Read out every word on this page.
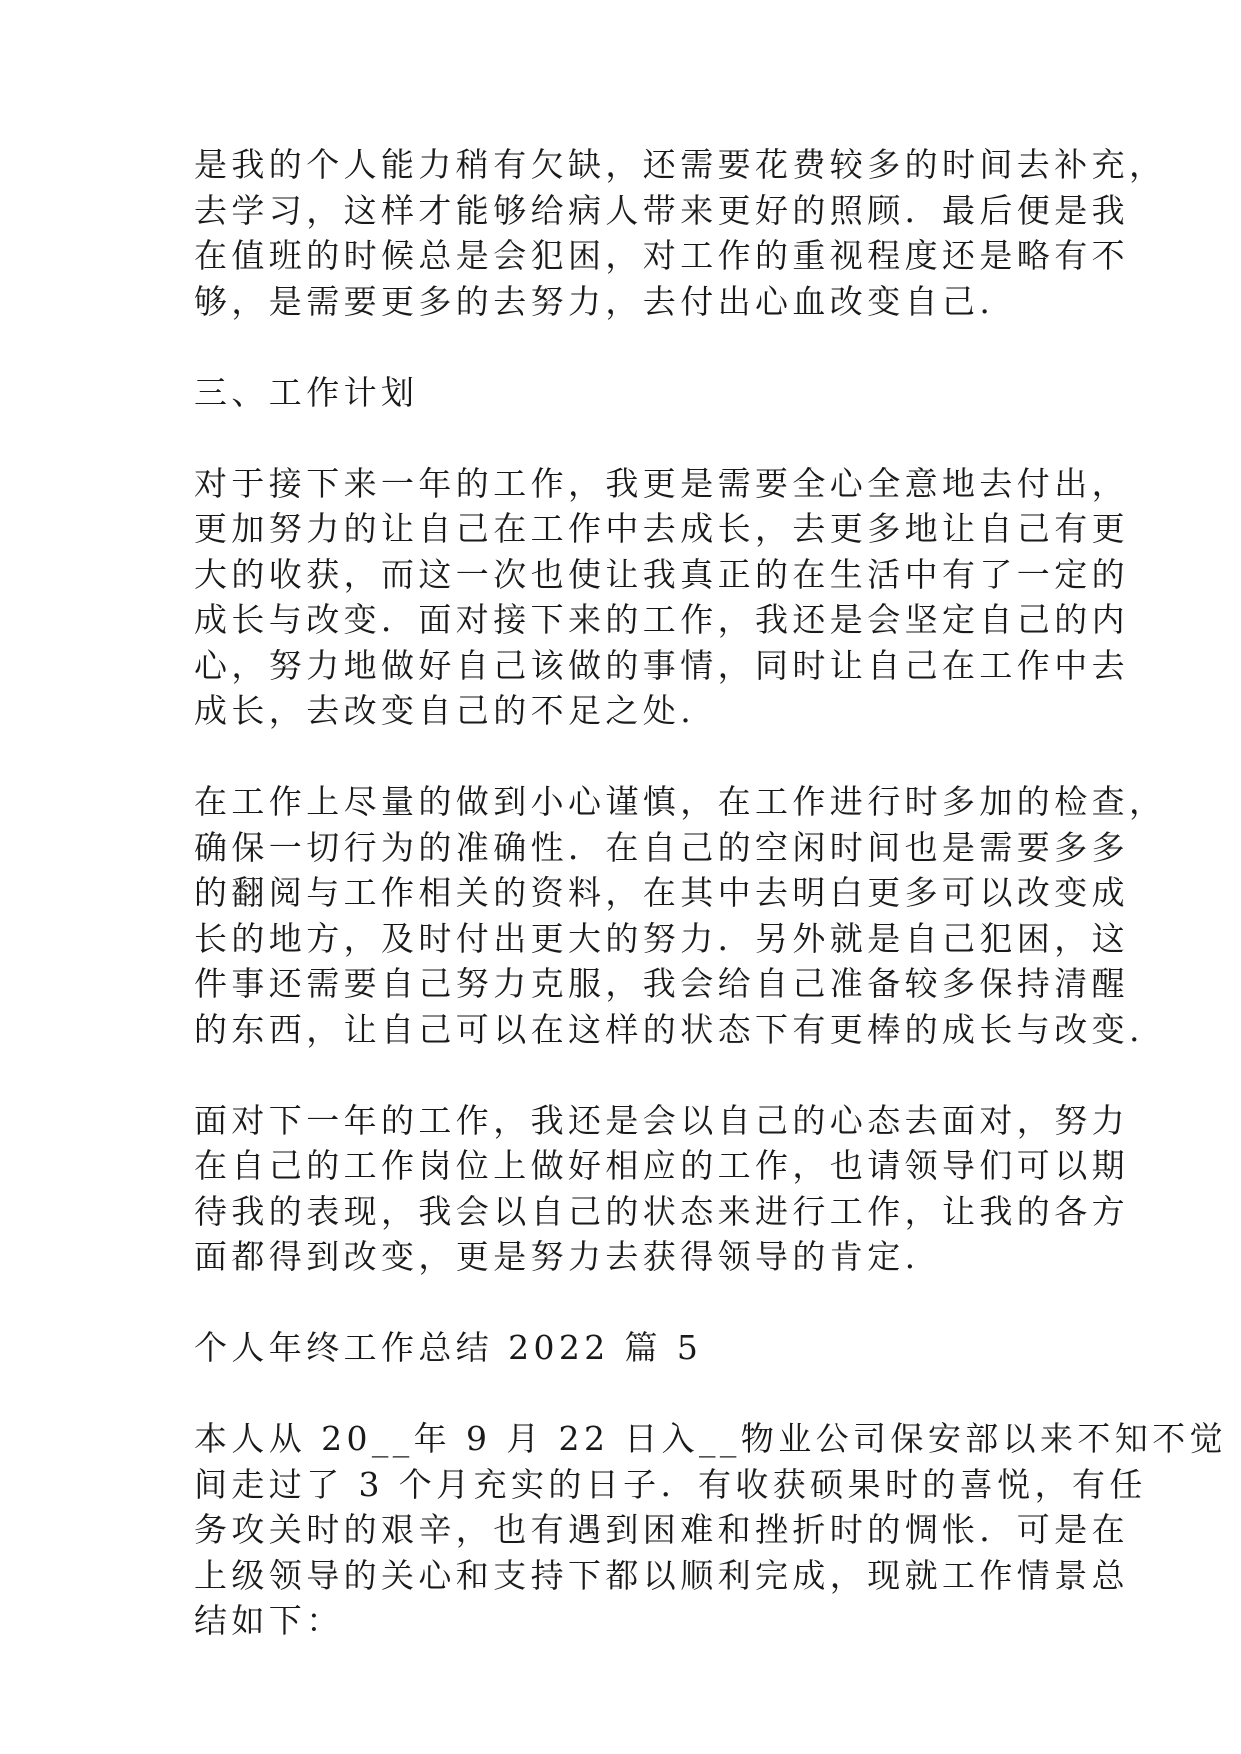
是我的个人能力稍有欠缺，还需要花费较多的时间去补充，
去学习，这样才能够给病人带来更好的照顾．最后便是我
在值班的时候总是会犯困，对工作的重视程度还是略有不
够，是需要更多的去努力，去付出心血改变自己.
三、工作计划
对于接下来一年的工作，我更是需要全心全意地去付出，
更加努力的让自己在工作中去成长，去更多地让自己有更
大的收获，而这一次也使让我真正的在生活中有了一定的
成长与改变．面对接下来的工作，我还是会坚定自己的内
心，努力地做好自己该做的事情，同时让自己在工作中去
成长，去改变自己的不足之处.
在工作上尽量的做到小心谨慎，在工作进行时多加的检查，
确保一切行为的准确性．在自己的空闲时间也是需要多多
的翻阅与工作相关的资料，在其中去明白更多可以改变成
长的地方，及时付出更大的努力．另外就是自己犯困，这
件事还需要自己努力克服，我会给自己准备较多保持清醒
的东西，让自己可以在这样的状态下有更棒的成长与改变.
面对下一年的工作，我还是会以自己的心态去面对，努力
在自己的工作岗位上做好相应的工作，也请领导们可以期
待我的表现，我会以自己的状态来进行工作，让我的各方
面都得到改变，更是努力去获得领导的肯定.
个人年终工作总结 2022 篇 5
本人从 20__年 9 月 22 日入__物业公司保安部以来不知不觉
间走过了 3 个月充实的日子．有收获硕果时的喜悦，有任
务攻关时的艰辛，也有遇到困难和挫折时的惆怅．可是在
上级领导的关心和支持下都以顺利完成，现就工作情景总
结如下：
